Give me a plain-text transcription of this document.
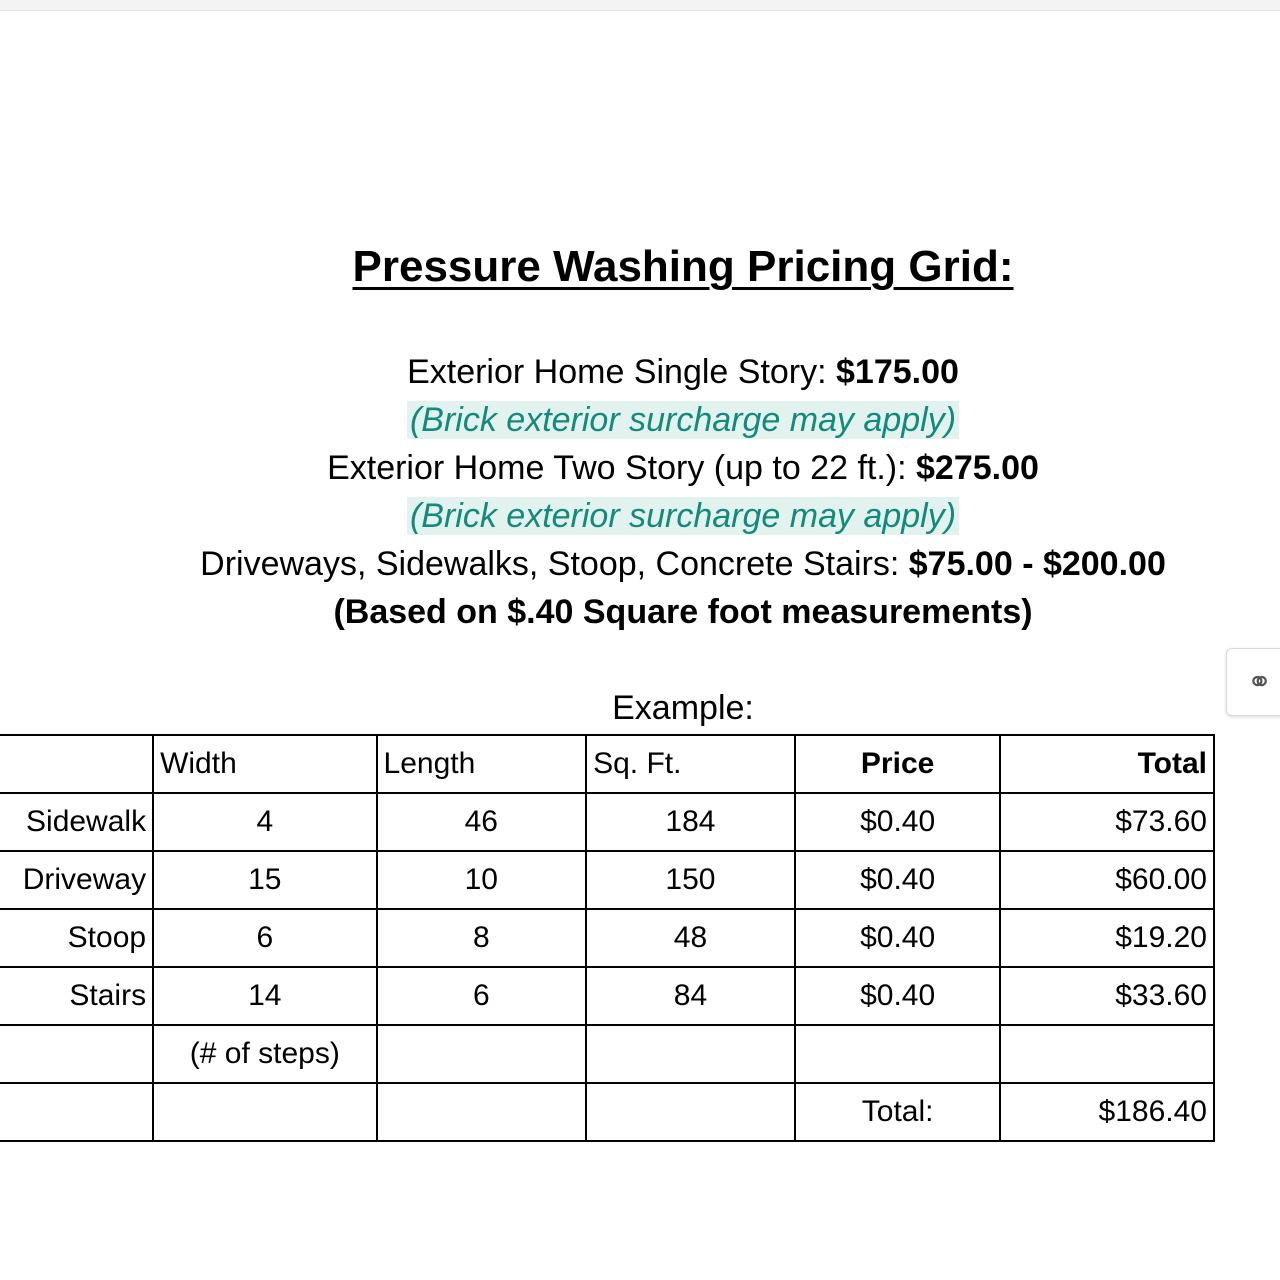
Pressure Washing Pricing Grid:
Exterior Home Single Story: $175.00
(Brick exterior surcharge may apply)
Exterior Home Two Story (up to 22 ft.): $275.00
(Brick exterior surcharge may apply)
Driveways, Sidewalks, Stoop, Concrete Stairs: $75.00 - $200.00
(Based on $.40 Square foot measurements)
Example:
⚭
	Width	Length	Sq. Ft.	Price	Total
Sidewalk	4	46	184	$0.40	$73.60
Driveway	15	10	150	$0.40	$60.00
Stoop	6	8	48	$0.40	$19.20
Stairs	14	6	84	$0.40	$33.60
	(# of steps)				
				Total:	$186.40
